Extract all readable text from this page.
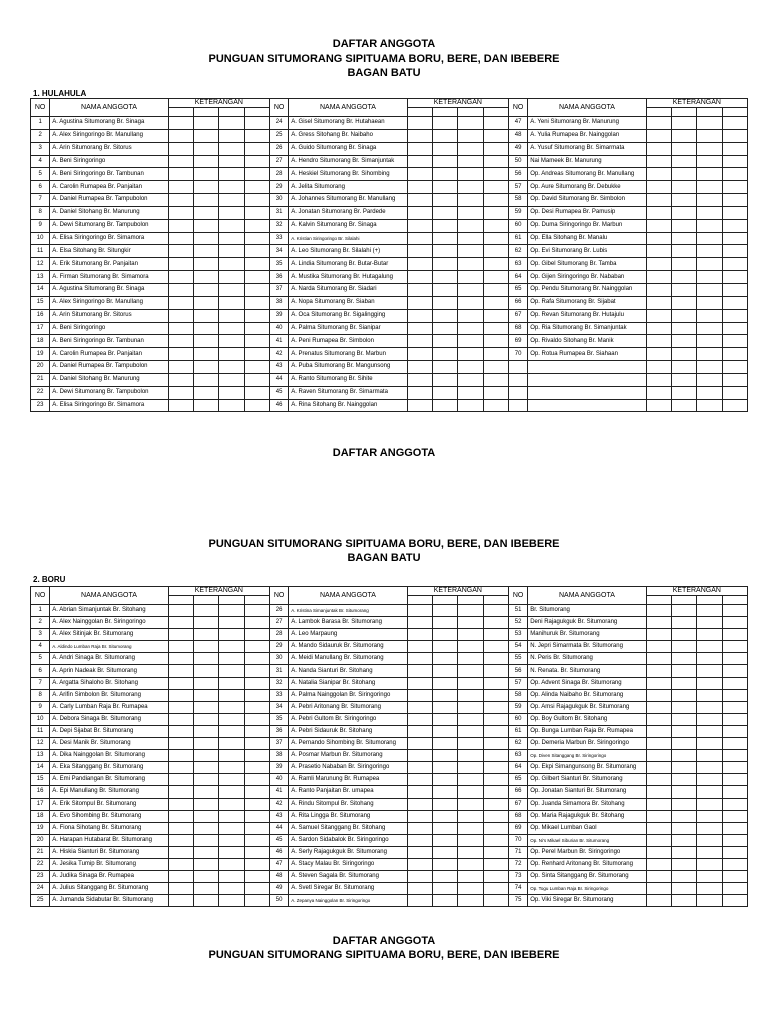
DAFTAR ANGGOTA
PUNGUAN SITUMORANG SIPITUAMA BORU, BERE, DAN IBEBERE
BAGAN BATU
1. HULAHULA
NO	NAMA ANGGOTA	KETERANGAN				NO	NAMA ANGGOTA	KETERANGAN				NO	NAMA ANGGOTA	KETERANGAN			

1	A. Agustina Situmorang Br. Sinaga					24	A. Gisel Situmorang Br. Hutahaean					47	A. Yeni Situmorang Br. Manurung				
2	A. Alex Siringoringo Br. Manullang					25	A. Gress Sitohang Br. Naibaho					48	A. Yulia Rumapea Br. Nainggolan				
3	A. Arin Situmorang Br. Sitorus					26	A. Guido Situmorang Br. Sinaga					49	A. Yusuf Situmorang Br. Simarmata				
4	A. Beni Siringoringo					27	A. Hendro Situmorang Br. Simanjuntak					50	Nai Mameek Br. Manurung				
5	A. Beni Siringoringo Br. Tambunan					28	A. Heskiel Situmorang Br. Sihombing					56	Op. Andreas Situmorang Br. Manullang				
6	A. Carolin Rumapea Br. Panjaitan					29	A. Jelita Situmorang					57	Op. Aure Situmorang Br. Debukke				
7	A. Daniel Rumapea Br. Tampubolon					30	A. Johannes Situmorang Br. Manullang					58	Op. David Situmorang Br. Simbolon				
8	A. Daniel Sitohang Br. Manurung					31	A. Jonatan Situmorang Br. Pardede					59	Op. Desi Rumapea Br. Pamusip				
9	A. Dewi Situmorang Br. Tampubolon					32	A. Kalvin Situmorang Br. Sinaga					60	Op. Duma Siringoringo Br. Marbun				
10	A. Elisa Siringoringo Br. Simamora					33	A. Kristian Siringoringo Br. Silalahi					61	Op. Ella Sitohang Br. Manalu				
11	A. Elsa Sitohang Br. Situngkir					34	A. Leo Situmorang Br. Silalahi (+)					62	Op. Evi Situmorang Br. Lubis				
12	A. Erik Situmorang Br. Panjaitan					35	A. Lindia Situmorang Br. Butar-Butar					63	Op. Gibel Situmorang Br. Tamba				
13	A. Firman Situmorang Br. Simamora					36	A. Mustika Situmorang Br. Hutagalung					64	Op. Gijen Siringoringo Br. Nababan				
14	A. Agustina Situmorang Br. Sinaga					37	A. Narda Situmorang Br. Siadari					65	Op. Pendu Situmorang Br. Nainggolan				
15	A. Alex Siringoringo Br. Manullang					38	A. Nopa Situmorang Br. Siaban					66	Op. Rafa Situmorang Br. Sijabat				
16	A. Arin Situmorang Br. Sitorus					39	A. Oca Situmorang Br. Sigalingging					67	Op. Revan Situmorang Br. Hutajulu				
17	A. Beni Siringoringo					40	A. Palma Situmorang Br. Sianipar					68	Op. Ria Situmorang Br. Simanjuntak				
18	A. Beni Siringoringo Br. Tambunan					41	A. Peni Rumapea Br. Simbolon					69	Op. Rivaldo Sitohang Br. Manik				
19	A. Carolin Rumapea Br. Panjaitan					42	A. Prenatus Situmorang Br. Marbun					70	Op. Rotua Rumapea Br. Siahaan				
20	A. Daniel Rumapea Br. Tampubolon					43	A. Puba Situmorang Br. Mangunsong										
21	A. Daniel Sitohang Br. Manurung					44	A. Ranto Situmorang Br. Sihite										
22	A. Dewi Situmorang Br. Tampubolon					45	A. Raven Situmorang Br. Simarmata										
23	A. Elisa Siringoringo Br. Simamora					46	A. Rina Sitohang Br. Nainggolan										
DAFTAR ANGGOTA
PUNGUAN SITUMORANG SIPITUAMA BORU, BERE, DAN IBEBERE
BAGAN BATU
2. BORU
NO	NAMA ANGGOTA	KETERANGAN				NO	NAMA ANGGOTA	KETERANGAN				NO	NAMA ANGGOTA	KETERANGAN			

1	A. Abrian Simanjuntak Br. Sitohang					26	A. Kristina Simanjuntak Br. Situmorang					51	Br. Situmorang				
2	A. Alex Nainggolan Br. Siringoringo					27	A. Lambok Barasa Br. Situmorang					52	Deni Rajagukguk Br. Situmorang				
3	A. Alex Sitinjak Br. Situmorang					28	A. Leo Marpaung					53	Manihuruk Br. Situmorang				
4	A. Aldindo Lumban Raja Br. Situmorang					29	A. Mando Sidauruk Br. Situmorang					54	N. Jepri Simarmata Br. Situmorang				
5	A. Andri Sinaga Br. Situmorang					30	A. Meidi Manullang Br. Situmorang					55	N. Peris Br. Situmorang				
6	A. Aprin Nadeak Br. Situmorang					31	A. Nanda Sianturi Br. Sitohang					56	N. Renata. Br. Situmorang				
7	A. Argatta Sihaloho Br. Sitohang					32	A. Natalia Sianipar Br. Sitohang					57	Op. Advent Sinaga Br. Situmorang				
8	A. Arifin Simbolon Br. Situmorang					33	A. Palma Nainggolan Br. Siringoringo					58	Op. Alinda Naibaho Br. Situmorang				
9	A. Carly Lumban Raja Br. Rumapea					34	A. Pebri Aritonang Br. Situmorang					59	Op. Amsi Rajagukguk Br. Situmorang				
10	A. Debora Sinaga Br. Situmorang					35	A. Pebri Gultom Br. Siringoringo					60	Op. Boy Gultom Br. Sitohang				
11	A. Depi Sijabat Br. Situmorang					36	A. Pebri Sidauruk Br. Sitohang					61	Op. Bunga Lumban Raja Br. Rumapea				
12	A. Desi Manik Br. Situmorang					37	A. Pernando Sihombing Br. Situmorang					62	Op. Demeria Marbun Br. Siringoringo				
13	A. Dika Nainggolan Br. Situmorang					38	A. Posmar Marbun Br. Situmorang					63	Op. Diven Sitanggang Br. Siringoringo				
14	A. Eka Sitanggang Br. Situmorang					39	A. Prasetio Nababan Br. Siringoringo					64	Op. Ekpi Simangunsong Br. Situmorang				
15	A. Emi Pandiangan Br. Situmorang					40	A. Ramli Marunung Br. Rumapea					65	Op. Gilbert Sianturi Br. Situmorang				
16	A. Epi Manullang Br. Situmorang					41	A. Ranto Panjaitan Br. umapea					66	Op. Jonatan Sianturi Br. Situmorang				
17	A. Erik Sitompul Br. Situmorang					42	A. Rindu Sitompul Br. Sitohang					67	Op. Juanda Simamora Br. Sitohang				
18	A. Evo Sihombing Br. Situmorang					43	A. Rita Lingga Br. Situmorang					68	Op. Maria Rajagukguk Br. Sitohang				
19	A. Fiona Sihotang Br. Situmorang					44	A. Samuel Sitanggang Br. Sitohang					69	Op. Mikael Lumban Gaol				
20	A. Harapan Hutabarat Br. Situmorang					45	A. Sardon Sidabalok Br. Siringoringo					70	Op. Ni's Mikael Siburian Br. Situmorang				
21	A. Hiskia Sianturi Br. Situmorang					46	A. Serly Rajagukguk Br. Situmorang					71	Op. Perel Marbun Br. Siringoringo				
22	A. Jesika Tumip Br. Situmorang					47	A. Stacy Malau Br. Siringoringo					72	Op. Renhard Aritonang Br. Situmorang				
23	A. Judika Sinaga Br. Rumapea					48	A. Steven Sagala Br. Situmorang					73	Op. Sinta Sitanggang Br. Situmorang				
24	A. Julius Sitanggang Br. Situmorang					49	A. Svetl Siregar Br. Situmorang					74	Op. Togu Lumban Raja Br. Siringoringo				
25	A. Jumanda Sidabutar Br. Situmorang					50	A. Zepanya Nainggolan Br. Siringoringo					75	Op. Viki Siregar Br. Situmorang				
DAFTAR ANGGOTA
PUNGUAN SITUMORANG SIPITUAMA BORU, BERE, DAN IBEBERE
